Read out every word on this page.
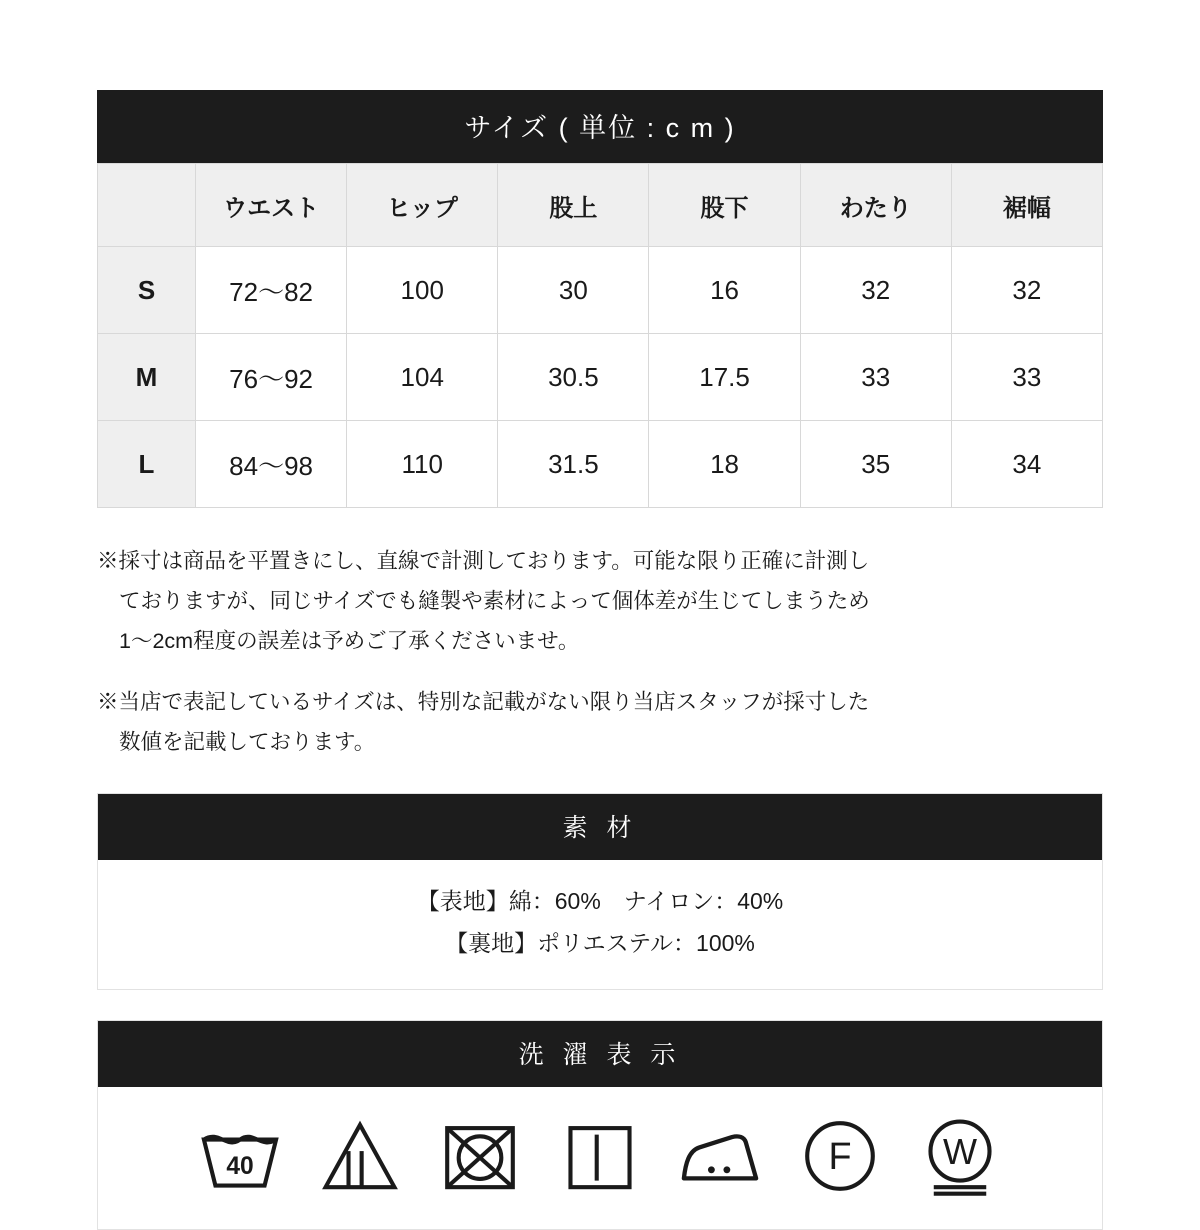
サイズ ( 単位 : c m )
	ウエスト	ヒップ	股上	股下	わたり	裾幅
S	72〜82	100	30	16	32	32
M	76〜92	104	30.5	17.5	33	33
L	84〜98	110	31.5	18	35	34
※採寸は商品を平置きにし、直線で計測しております。可能な限り正確に計測し
ておりますが、同じサイズでも縫製や素材によって個体差が生じてしまうため
1〜2cm程度の誤差は予めご了承くださいませ。
※当店で表記しているサイズは、特別な記載がない限り当店スタッフが採寸した
数値を記載しております。
素 材
【表地】綿：60%　ナイロン：40%
【裏地】ポリエステル：100%
洗 濯 表 示
40	F W
